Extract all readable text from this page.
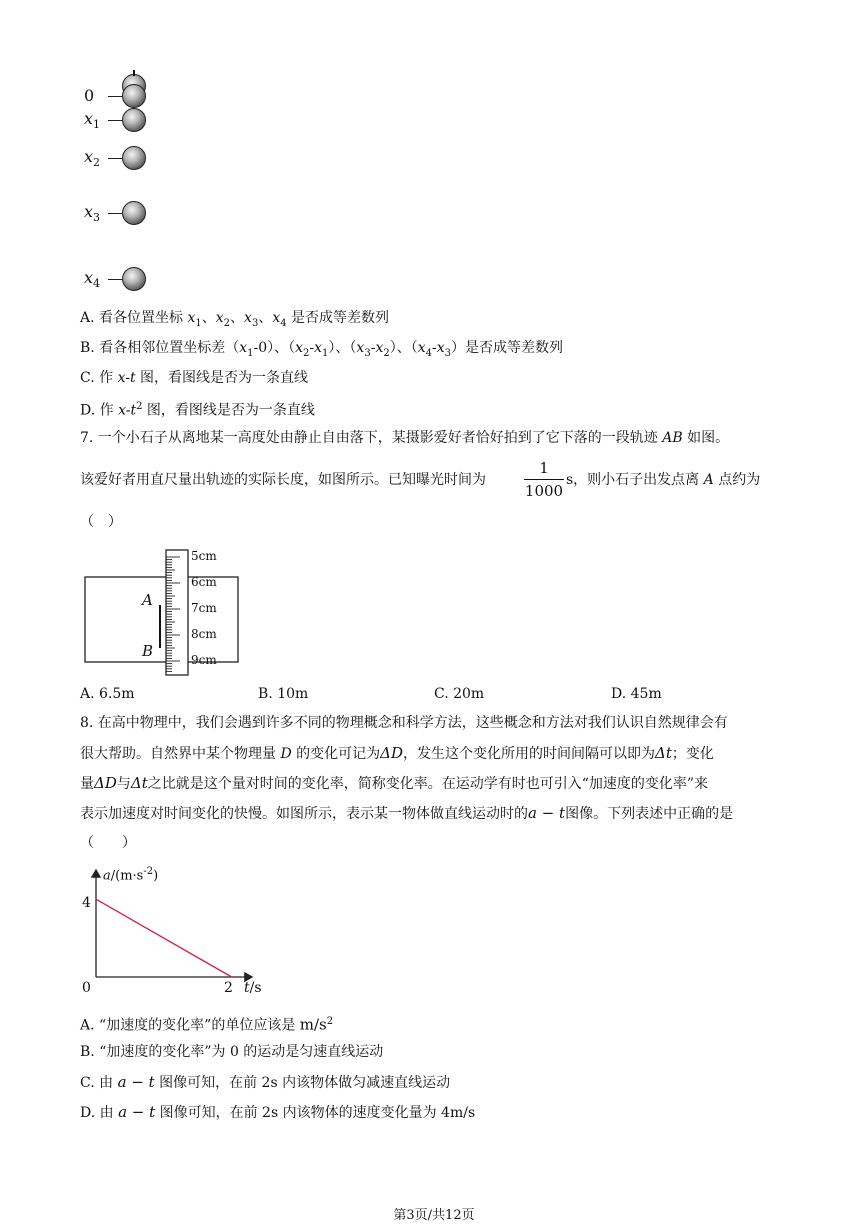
0
$x_1$
$x_2$
$x_3$
$x_4$
A. 看各位置坐标 $x_1$、$x_2$、$x_3$、$x_4$ 是否成等差数列
B. 看各相邻位置坐标差$(x_1-0)$、$(x_2-x_1)$、$(x_3-x_2)$、$(x_4-x_3)$是否成等差数列
C. 作 x-t 图，看图线是否为一条直线
D. 作 $x-t^2$ 图，看图线是否为一条直线
7. 一个小石子从离地某一高度处由静止自由落下，某摄影爱好者恰好拍到了它下落的一段轨迹 AB 如图。
该爱好者用直尺量出轨迹的实际长度，如图所示。已知曝光时间为
1
1000
s，则小石子出发点离 A 点约为
（　）
A
B
5cm
6cm
7cm
8cm
9cm
A. 6.5m	B. 10m	C. 20m	D. 45m
8. 在高中物理中，我们会遇到许多不同的物理概念和科学方法，这些概念和方法对我们认识自然规律会有
很大帮助。自然界中某个物理量 D 的变化可记为ΔD，发生这个变化所用的时间间隔可以即为Δt；变化
量ΔD与Δt之比就是这个量对时间的变化率，简称变化率。在运动学有时也可引入“加速度的变化率”来
表示加速度对时间变化的快慢。如图所示，表示某一物体做直线运动时的a − t图像。下列表述中正确的是
（　　）
$a/(m\cdot s^{-2})$
4
0	2 t/s
A. “加速度的变化率”的单位应该是 $m/s^2$
B. “加速度的变化率”为 0 的运动是匀速直线运动
C. 由 a − t 图像可知，在前 2s 内该物体做匀减速直线运动
D. 由 a − t 图像可知，在前 2s 内该物体的速度变化量为 4m/s
第3页/共12页
